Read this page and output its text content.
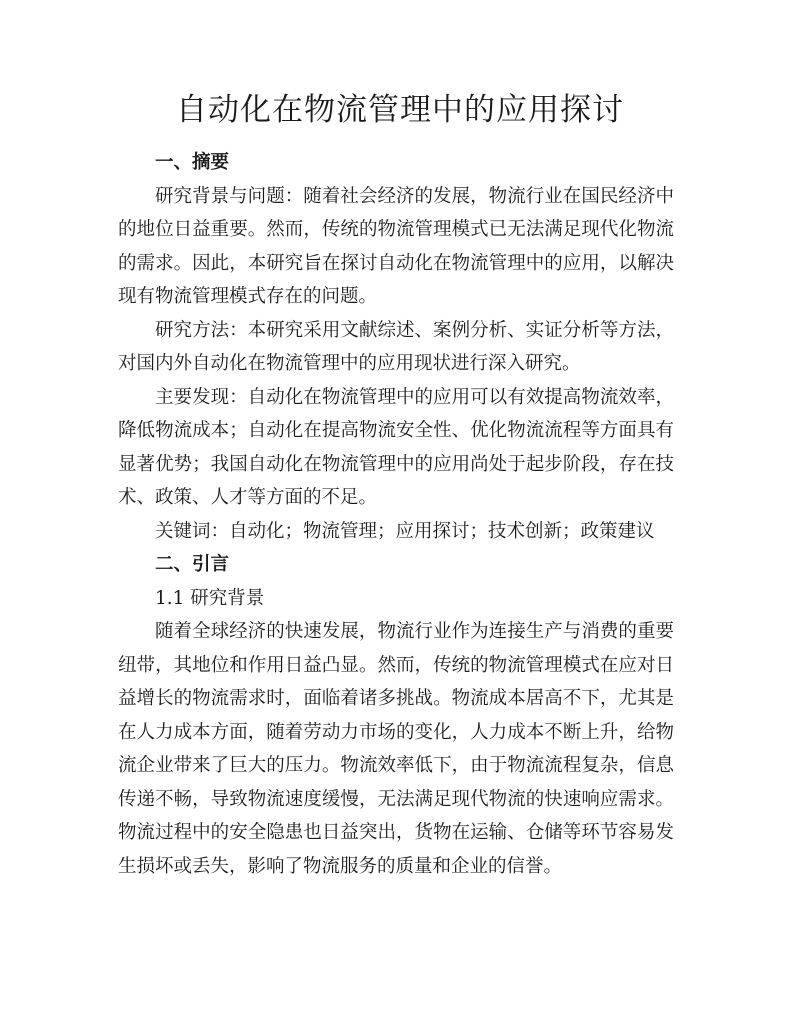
自动化在物流管理中的应用探讨
一、摘要

研究背景与问题：随着社会经济的发展，物流行业在国民经济中的地位日益重要。然而，传统的物流管理模式已无法满足现代化物流的需求。因此，本研究旨在探讨自动化在物流管理中的应用，以解决现有物流管理模式存在的问题。

研究方法：本研究采用文献综述、案例分析、实证分析等方法，对国内外自动化在物流管理中的应用现状进行深入研究。

主要发现：自动化在物流管理中的应用可以有效提高物流效率，降低物流成本；自动化在提高物流安全性、优化物流流程等方面具有显著优势；我国自动化在物流管理中的应用尚处于起步阶段，存在技术、政策、人才等方面的不足。

关键词：自动化；物流管理；应用探讨；技术创新；政策建议

二、引言

1.1 研究背景

随着全球经济的快速发展，物流行业作为连接生产与消费的重要纽带，其地位和作用日益凸显。然而，传统的物流管理模式在应对日益增长的物流需求时，面临着诸多挑战。物流成本居高不下，尤其是在人力成本方面，随着劳动力市场的变化，人力成本不断上升，给物流企业带来了巨大的压力。物流效率低下，由于物流流程复杂，信息传递不畅，导致物流速度缓慢，无法满足现代物流的快速响应需求。物流过程中的安全隐患也日益突出，货物在运输、仓储等环节容易发生损坏或丢失，影响了物流服务的质量和企业的信誉。
